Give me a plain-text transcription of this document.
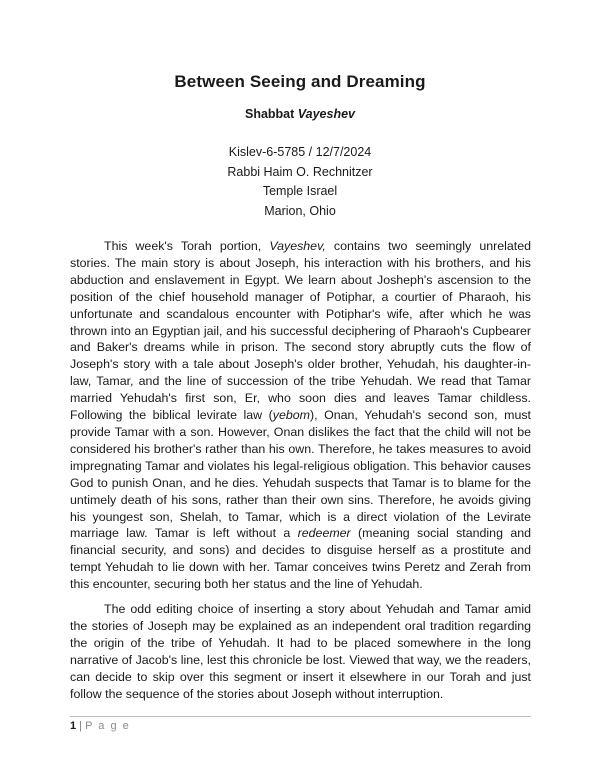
Between Seeing and Dreaming
Shabbat Vayeshev
Kislev-6-5785 / 12/7/2024
Rabbi Haim O. Rechnitzer
Temple Israel
Marion, Ohio

This week's Torah portion, Vayeshev, contains two seemingly unrelated stories. The main story is about Joseph, his interaction with his brothers, and his abduction and enslavement in Egypt. We learn about Josheph's ascension to the position of the chief household manager of Potiphar, a courtier of Pharaoh, his unfortunate and scandalous encounter with Potiphar's wife, after which he was thrown into an Egyptian jail, and his successful deciphering of Pharaoh's Cupbearer and Baker's dreams while in prison. The second story abruptly cuts the flow of Joseph's story with a tale about Joseph's older brother, Yehudah, his daughter-in-law, Tamar, and the line of succession of the tribe Yehudah. We read that Tamar married Yehudah's first son, Er, who soon dies and leaves Tamar childless. Following the biblical levirate law (yebom), Onan, Yehudah's second son, must provide Tamar with a son. However, Onan dislikes the fact that the child will not be considered his brother's rather than his own. Therefore, he takes measures to avoid impregnating Tamar and violates his legal-religious obligation. This behavior causes God to punish Onan, and he dies. Yehudah suspects that Tamar is to blame for the untimely death of his sons, rather than their own sins. Therefore, he avoids giving his youngest son, Shelah, to Tamar, which is a direct violation of the Levirate marriage law. Tamar is left without a redeemer (meaning social standing and financial security, and sons) and decides to disguise herself as a prostitute and tempt Yehudah to lie down with her. Tamar conceives twins Peretz and Zerah from this encounter, securing both her status and the line of Yehudah.

The odd editing choice of inserting a story about Yehudah and Tamar amid the stories of Joseph may be explained as an independent oral tradition regarding the origin of the tribe of Yehudah. It had to be placed somewhere in the long narrative of Jacob's line, lest this chronicle be lost. Viewed that way, we the readers, can decide to skip over this segment or insert it elsewhere in our Torah and just follow the sequence of the stories about Joseph without interruption.

1 | P a g e
